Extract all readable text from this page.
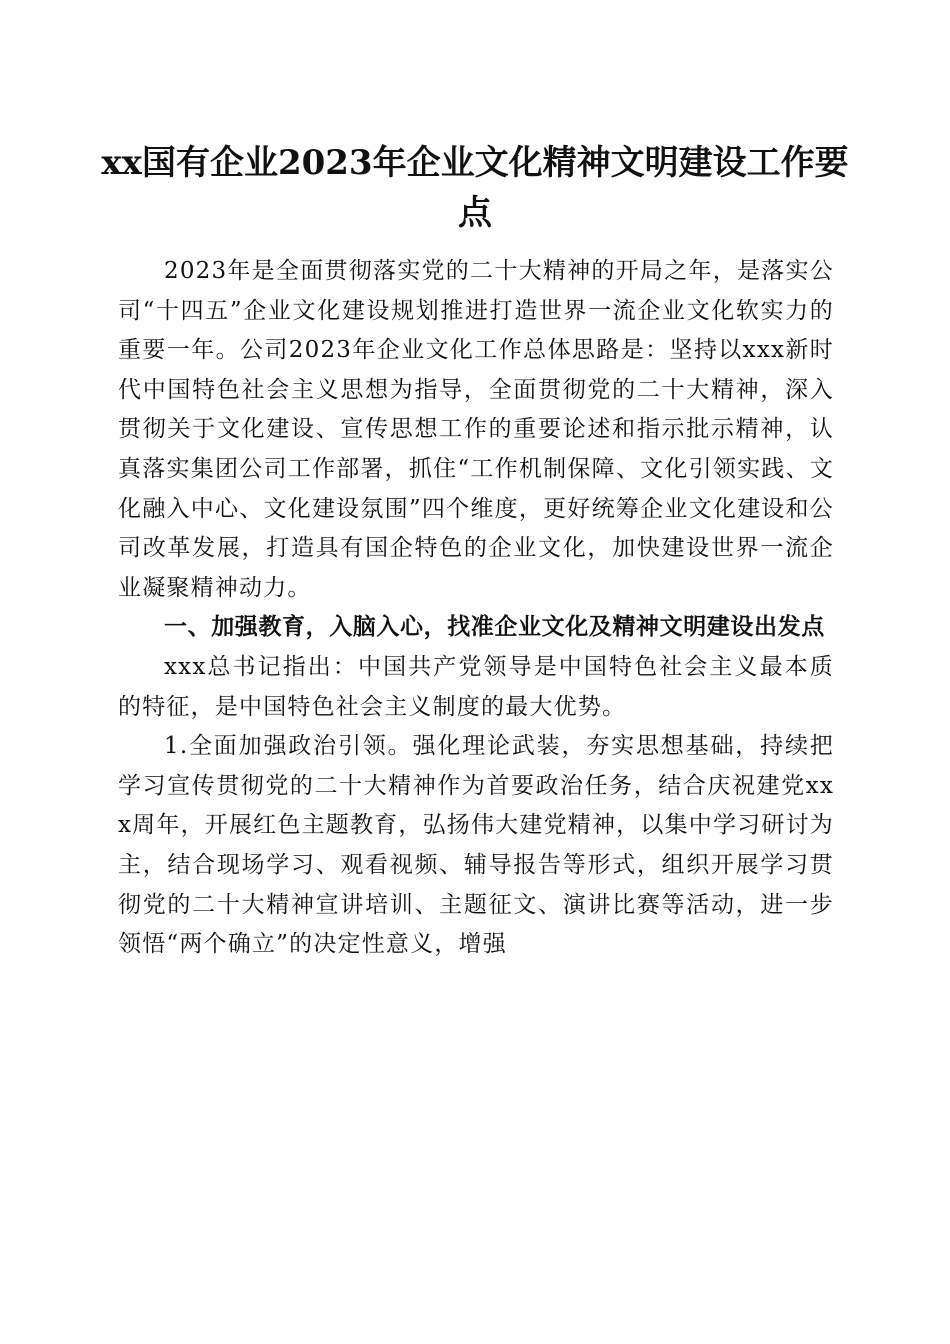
xx国有企业2023年企业文化精神文明建设工作要点

2023年是全面贯彻落实党的二十大精神的开局之年，是落实公司“十四五”企业文化建设规划推进打造世界一流企业文化软实力的重要一年。公司2023年企业文化工作总体思路是：坚持以xxx新时代中国特色社会主义思想为指导，全面贯彻党的二十大精神，深入贯彻关于文化建设、宣传思想工作的重要论述和指示批示精神，认真落实集团公司工作部署，抓住“工作机制保障、文化引领实践、文化融入中心、文化建设氛围”四个维度，更好统筹企业文化建设和公司改革发展，打造具有国企特色的企业文化，加快建设世界一流企业凝聚精神动力。

一、加强教育，入脑入心，找准企业文化及精神文明建设出发点

xxx总书记指出：中国共产党领导是中国特色社会主义最本质的特征，是中国特色社会主义制度的最大优势。

1.全面加强政治引领。强化理论武装，夯实思想基础，持续把学习宣传贯彻党的二十大精神作为首要政治任务，结合庆祝建党xxx周年，开展红色主题教育，弘扬伟大建党精神，以集中学习研讨为主，结合现场学习、观看视频、辅导报告等形式，组织开展学习贯彻党的二十大精神宣讲培训、主题征文、演讲比赛等活动，进一步领悟“两个确立”的决定性意义，增强
